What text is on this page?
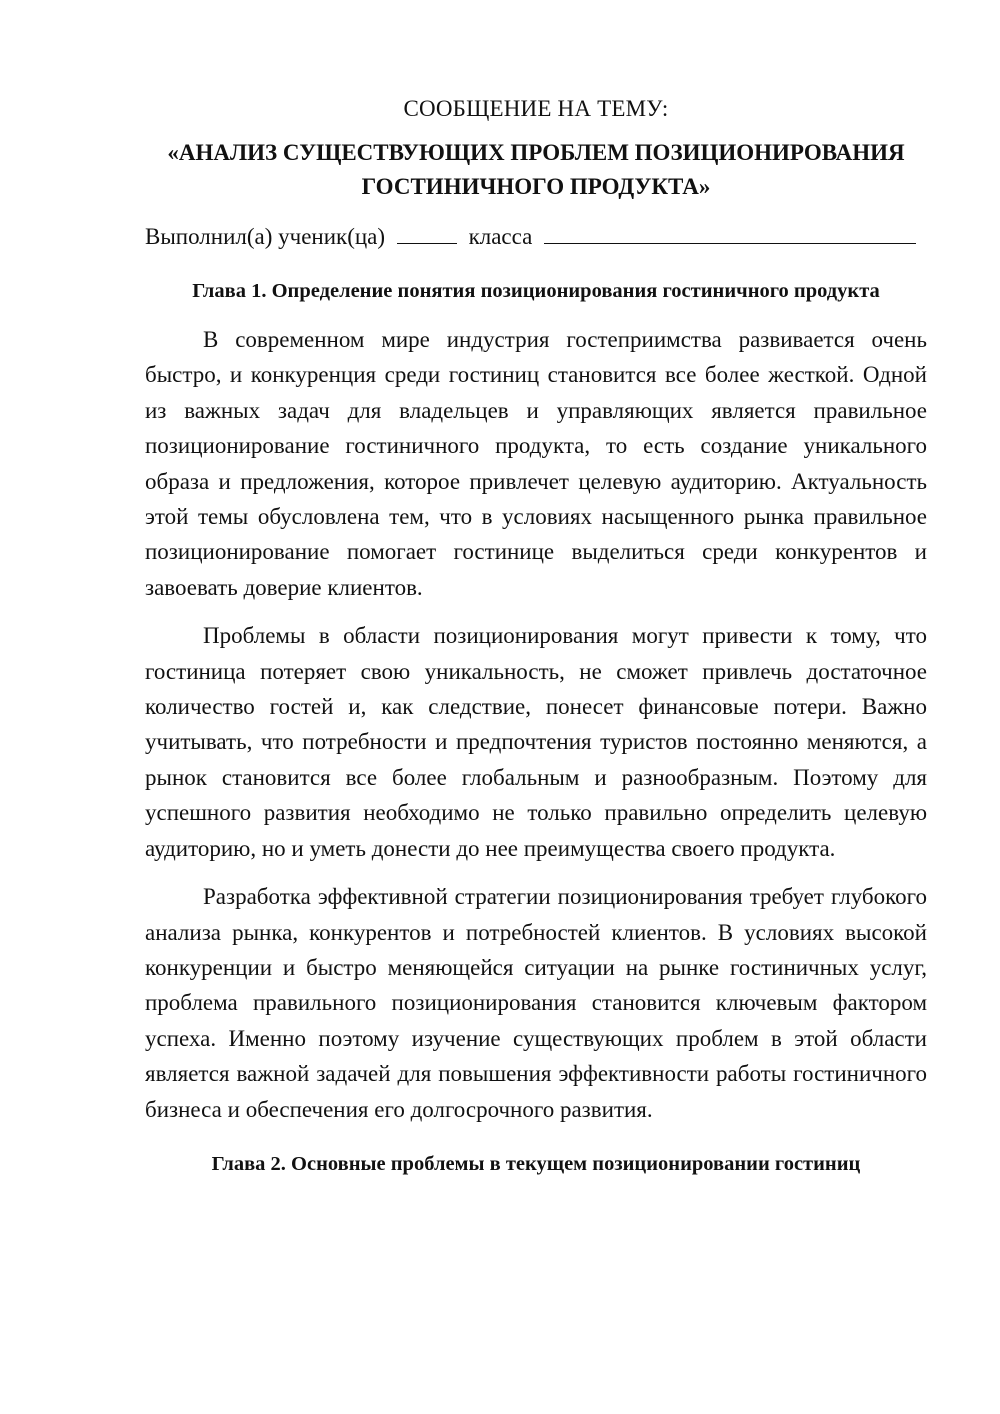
СООБЩЕНИЕ НА ТЕМУ:
«АНАЛИЗ СУЩЕСТВУЮЩИХ ПРОБЛЕМ ПОЗИЦИОНИРОВАНИЯ
ГОСТИНИЧНОГО ПРОДУКТА»
Выполнил(а) ученик(ца)	класса
Глава 1. Определение понятия позиционирования гостиничного продукта

В современном мире индустрия гостеприимства развивается очень быстро, и конкуренция среди гостиниц становится все более жесткой. Одной из важных задач для владельцев и управляющих является правильное позиционирование гостиничного продукта, то есть создание уникального образа и предложения, которое привлечет целевую аудиторию. Актуальность этой темы обусловлена тем, что в условиях насыщенного рынка правильное позиционирование помогает гостинице выделиться среди конкурентов и завоевать доверие клиентов.

Проблемы в области позиционирования могут привести к тому, что гостиница потеряет свою уникальность, не сможет привлечь достаточное количество гостей и, как следствие, понесет финансовые потери. Важно учитывать, что потребности и предпочтения туристов постоянно меняются, а рынок становится все более глобальным и разнообразным. Поэтому для успешного развития необходимо не только правильно определить целевую аудиторию, но и уметь донести до нее преимущества своего продукта.

Разработка эффективной стратегии позиционирования требует глубокого анализа рынка, конкурентов и потребностей клиентов. В условиях высокой конкуренции и быстро меняющейся ситуации на рынке гостиничных услуг, проблема правильного позиционирования становится ключевым фактором успеха. Именно поэтому изучение существующих проблем в этой области является важной задачей для повышения эффективности работы гостиничного бизнеса и обеспечения его долгосрочного развития.

Глава 2. Основные проблемы в текущем позиционировании гостиниц
